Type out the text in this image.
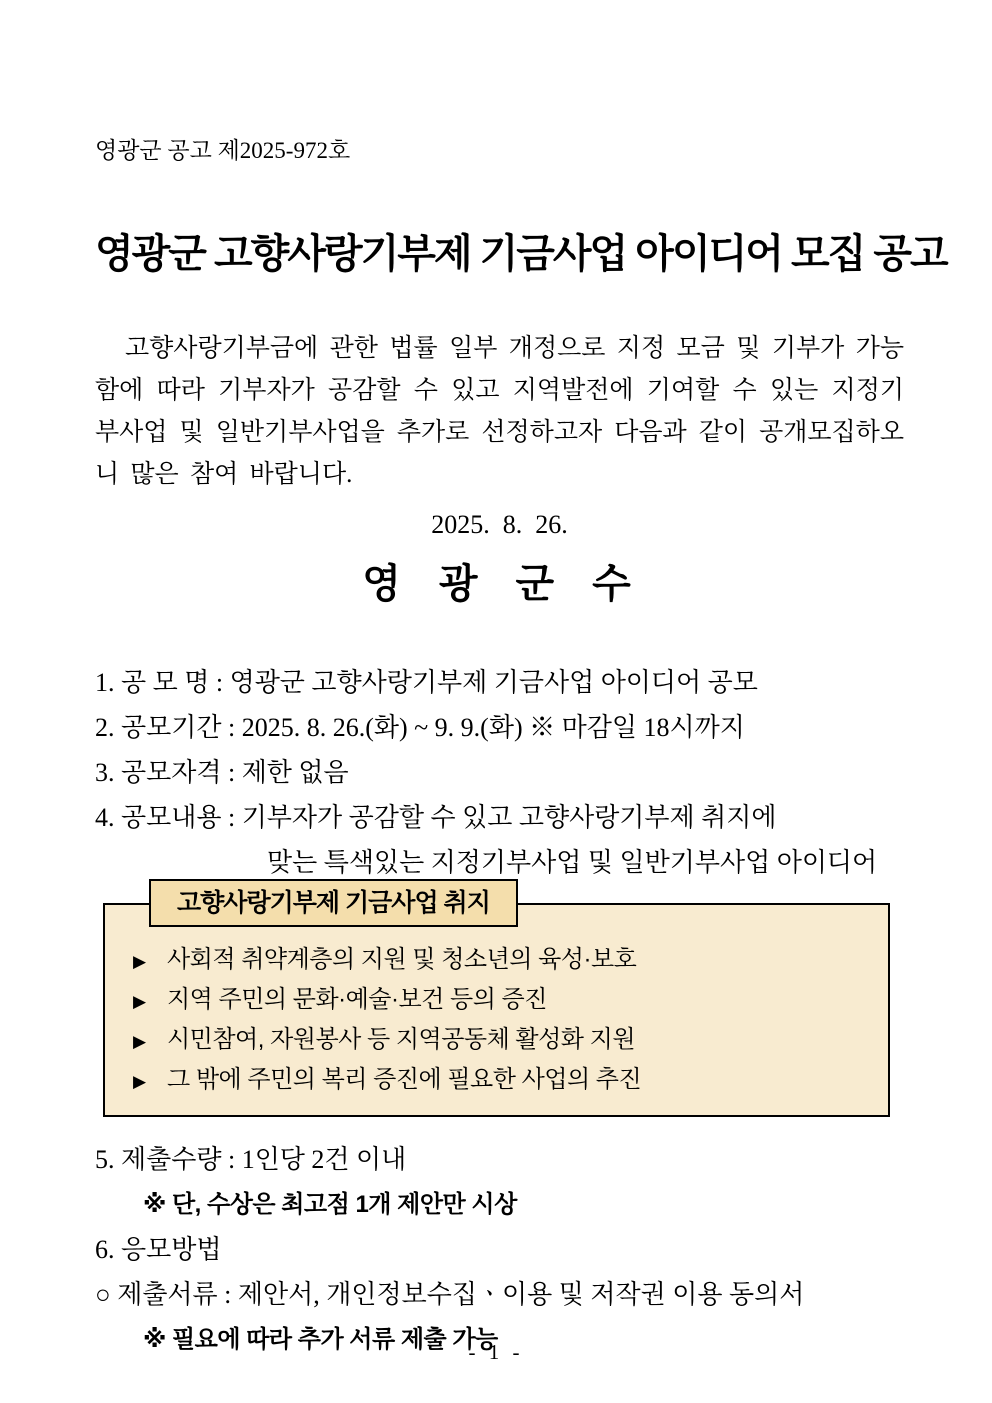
영광군 공고 제2025-972호
영광군 고향사랑기부제 기금사업 아이디어 모집 공고

고향사랑기부금에 관한 법률 일부 개정으로 지정 모금 및 기부가 가능함에 따라 기부자가 공감할 수 있고 지역발전에 기여할 수 있는 지정기부사업 및 일반기부사업을 추가로 선정하고자 다음과 같이 공개모집하오니 많은 참여 바랍니다.

2025.  8.  26.
영  광  군  수
1. 공 모 명 : 영광군 고향사랑기부제 기금사업 아이디어 공모
2. 공모기간 : 2025. 8. 26.(화) ~ 9. 9.(화) ※ 마감일 18시까지
3. 공모자격 : 제한 없음
4. 공모내용 : 기부자가 공감할 수 있고 고향사랑기부제 취지에
맞는 특색있는 지정기부사업 및 일반기부사업 아이디어
고향사랑기부제 기금사업 취지
▶ 사회적 취약계층의 지원 및 청소년의 육성·보호
▶ 지역 주민의 문화·예술·보건 등의 증진
▶ 시민참여, 자원봉사 등 지역공동체 활성화 지원
▶ 그 밖에 주민의 복리 증진에 필요한 사업의 추진
5. 제출수량 : 1인당 2건 이내
※ 단, 수상은 최고점 1개 제안만 시상
6. 응모방법
○ 제출서류 : 제안서, 개인정보수집ㆍ이용 및 저작권 이용 동의서
※ 필요에 따라 추가 서류 제출 가능
- 1 -
